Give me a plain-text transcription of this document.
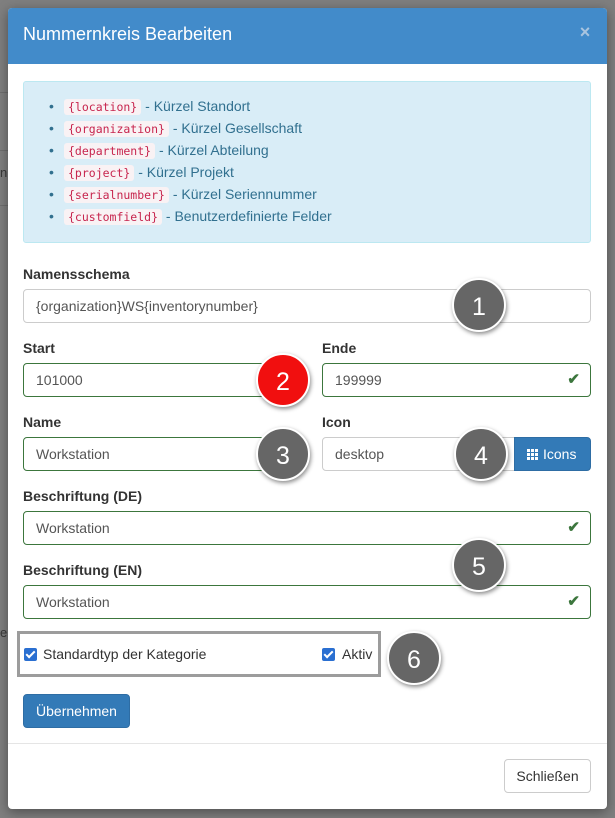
n
e
Nummernkreis Bearbeiten	×
• {location} - Kürzel Standort
• {organization} - Kürzel Gesellschaft
• {department} - Kürzel Abteilung
• {project} - Kürzel Projekt
• {serialnumber} - Kürzel Seriennummer
• {customfield} - Benutzerdefinierte Felder
Namensschema
{organization}WS{inventorynumber}
Start
101000
Ende
199999	✔
Name
Workstation
Icon
desktop	Icons
Beschriftung (DE)
Workstation	✔
Beschriftung (EN)
Workstation	✔
Standardtyp der Kategorie	Aktiv
Übernehmen
Schließen
1
2
3	4
5
6
